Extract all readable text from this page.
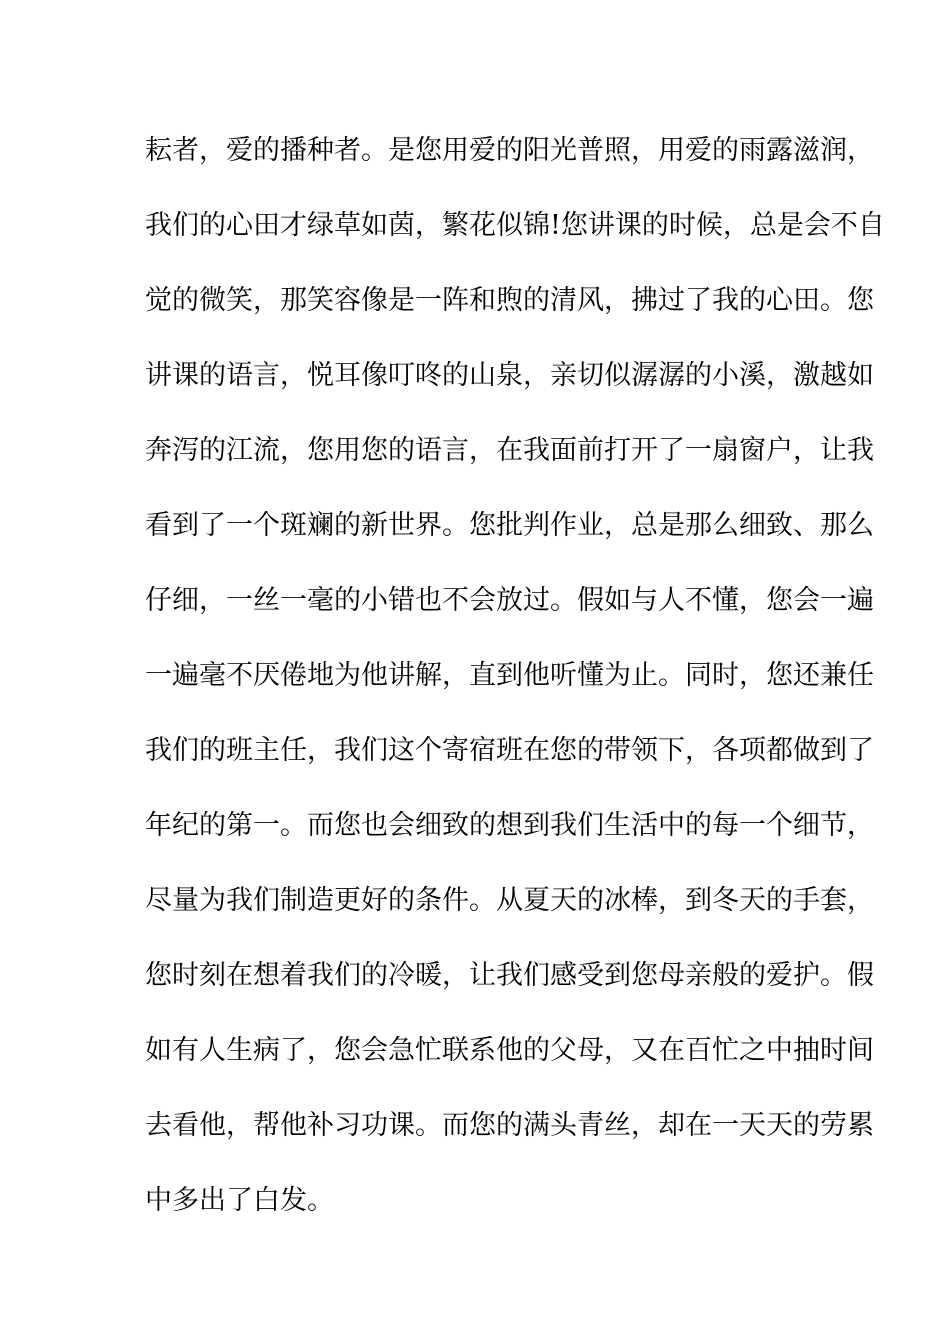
耘者，爱的播种者。是您用爱的阳光普照，用爱的雨露滋润，
我们的心田才绿草如茵，繁花似锦!您讲课的时候，总是会不自
觉的微笑，那笑容像是一阵和煦的清风，拂过了我的心田。您
讲课的语言，悦耳像叮咚的山泉，亲切似潺潺的小溪，激越如
奔泻的江流，您用您的语言，在我面前打开了一扇窗户，让我
看到了一个斑斓的新世界。您批判作业，总是那么细致、那么
仔细，一丝一毫的小错也不会放过。假如与人不懂，您会一遍
一遍毫不厌倦地为他讲解，直到他听懂为止。同时，您还兼任
我们的班主任，我们这个寄宿班在您的带领下，各项都做到了
年纪的第一。而您也会细致的想到我们生活中的每一个细节，
尽量为我们制造更好的条件。从夏天的冰棒，到冬天的手套，
您时刻在想着我们的冷暖，让我们感受到您母亲般的爱护。假
如有人生病了，您会急忙联系他的父母，又在百忙之中抽时间
去看他，帮他补习功课。而您的满头青丝，却在一天天的劳累
中多出了白发。
